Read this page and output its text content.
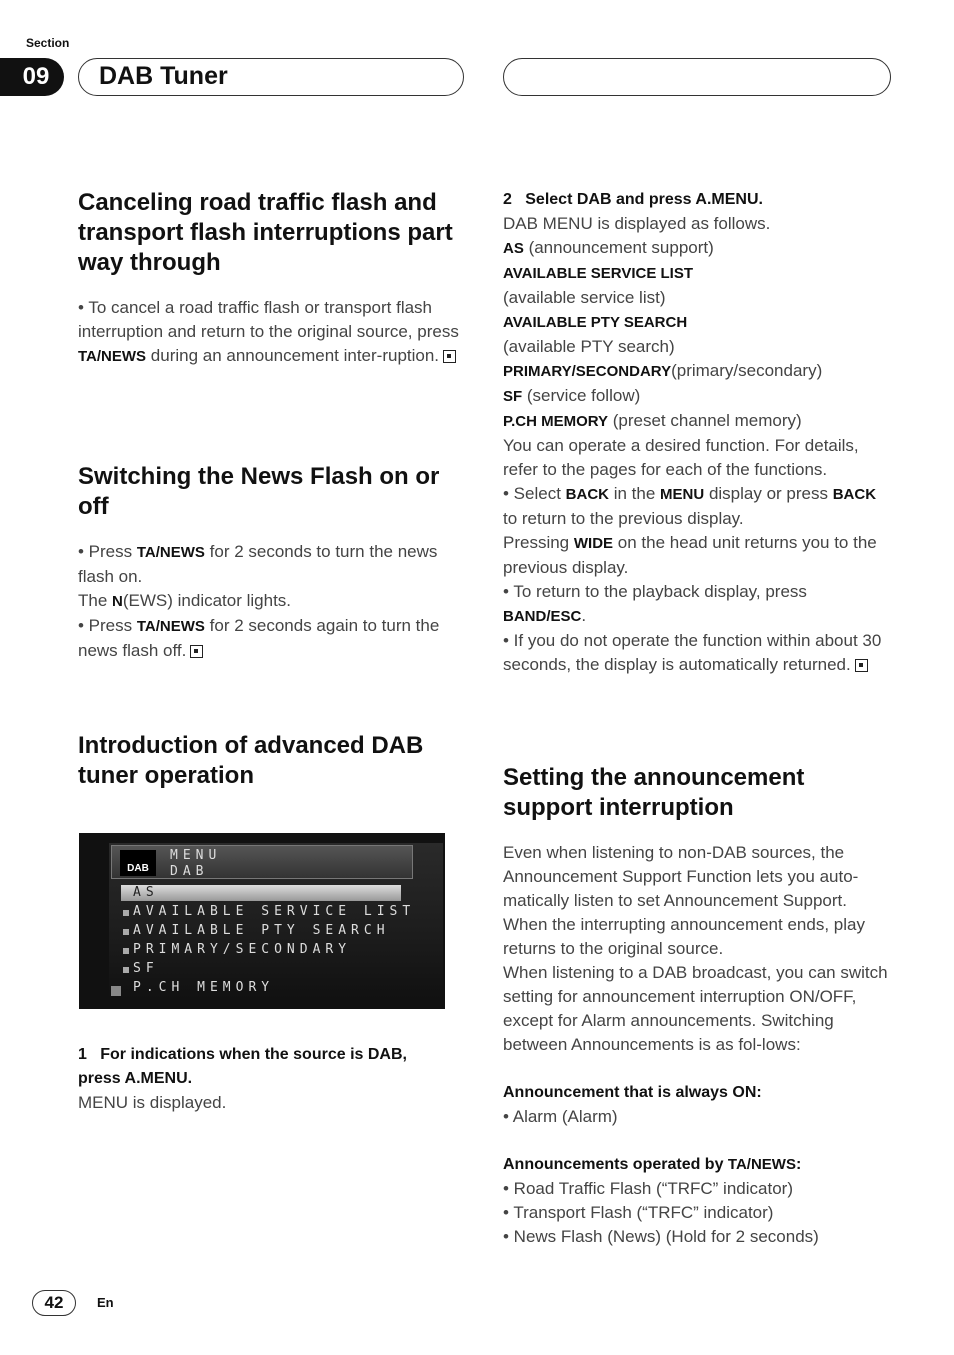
Section
09	DAB Tuner
Canceling road traffic flash and transport flash interruptions part way through

• To cancel a road traffic flash or transport flash interruption and return to the original source, press TA/NEWS during an announcement inter-ruption.

Switching the News Flash on or off

• Press TA/NEWS for 2 seconds to turn the news flash on.

The N(EWS) indicator lights.

• Press TA/NEWS for 2 seconds again to turn the news flash off.

Introduction of advanced DAB tuner operation
DAB
MENU
DAB
AS
AVAILABLE SERVICE LIST
AVAILABLE PTY SEARCH
PRIMARY/SECONDARY
SF
P.CH MEMORY
1 For indications when the source is DAB,
press A.MENU.
MENU is displayed.
2 Select DAB and press A.MENU.

DAB MENU is displayed as follows.

AS (announcement support)

AVAILABLE SERVICE LIST

(available service list)

AVAILABLE PTY SEARCH

(available PTY search)

PRIMARY/SECONDARY(primary/secondary)

SF (service follow)

P.CH MEMORY (preset channel memory)

You can operate a desired function. For details, refer to the pages for each of the functions.

• Select BACK in the MENU display or press BACK to return to the previous display.

Pressing WIDE on the head unit returns you to the previous display.

• To return to the playback display, press BAND/ESC.

• If you do not operate the function within about 30 seconds, the display is automatically returned.

Setting the announcement support interruption

Even when listening to non-DAB sources, the Announcement Support Function lets you auto-matically listen to set Announcement Support. When the interrupting announcement ends, play returns to the original source.

When listening to a DAB broadcast, you can switch setting for announcement interruption ON/OFF, except for Alarm announcements. Switching between Announcements is as fol-lows:

Announcement that is always ON:

• Alarm (Alarm)

Announcements operated by TA/NEWS:

• Road Traffic Flash (“TRFC” indicator)

• Transport Flash (“TRFC” indicator)

• News Flash (News) (Hold for 2 seconds)

42	En
